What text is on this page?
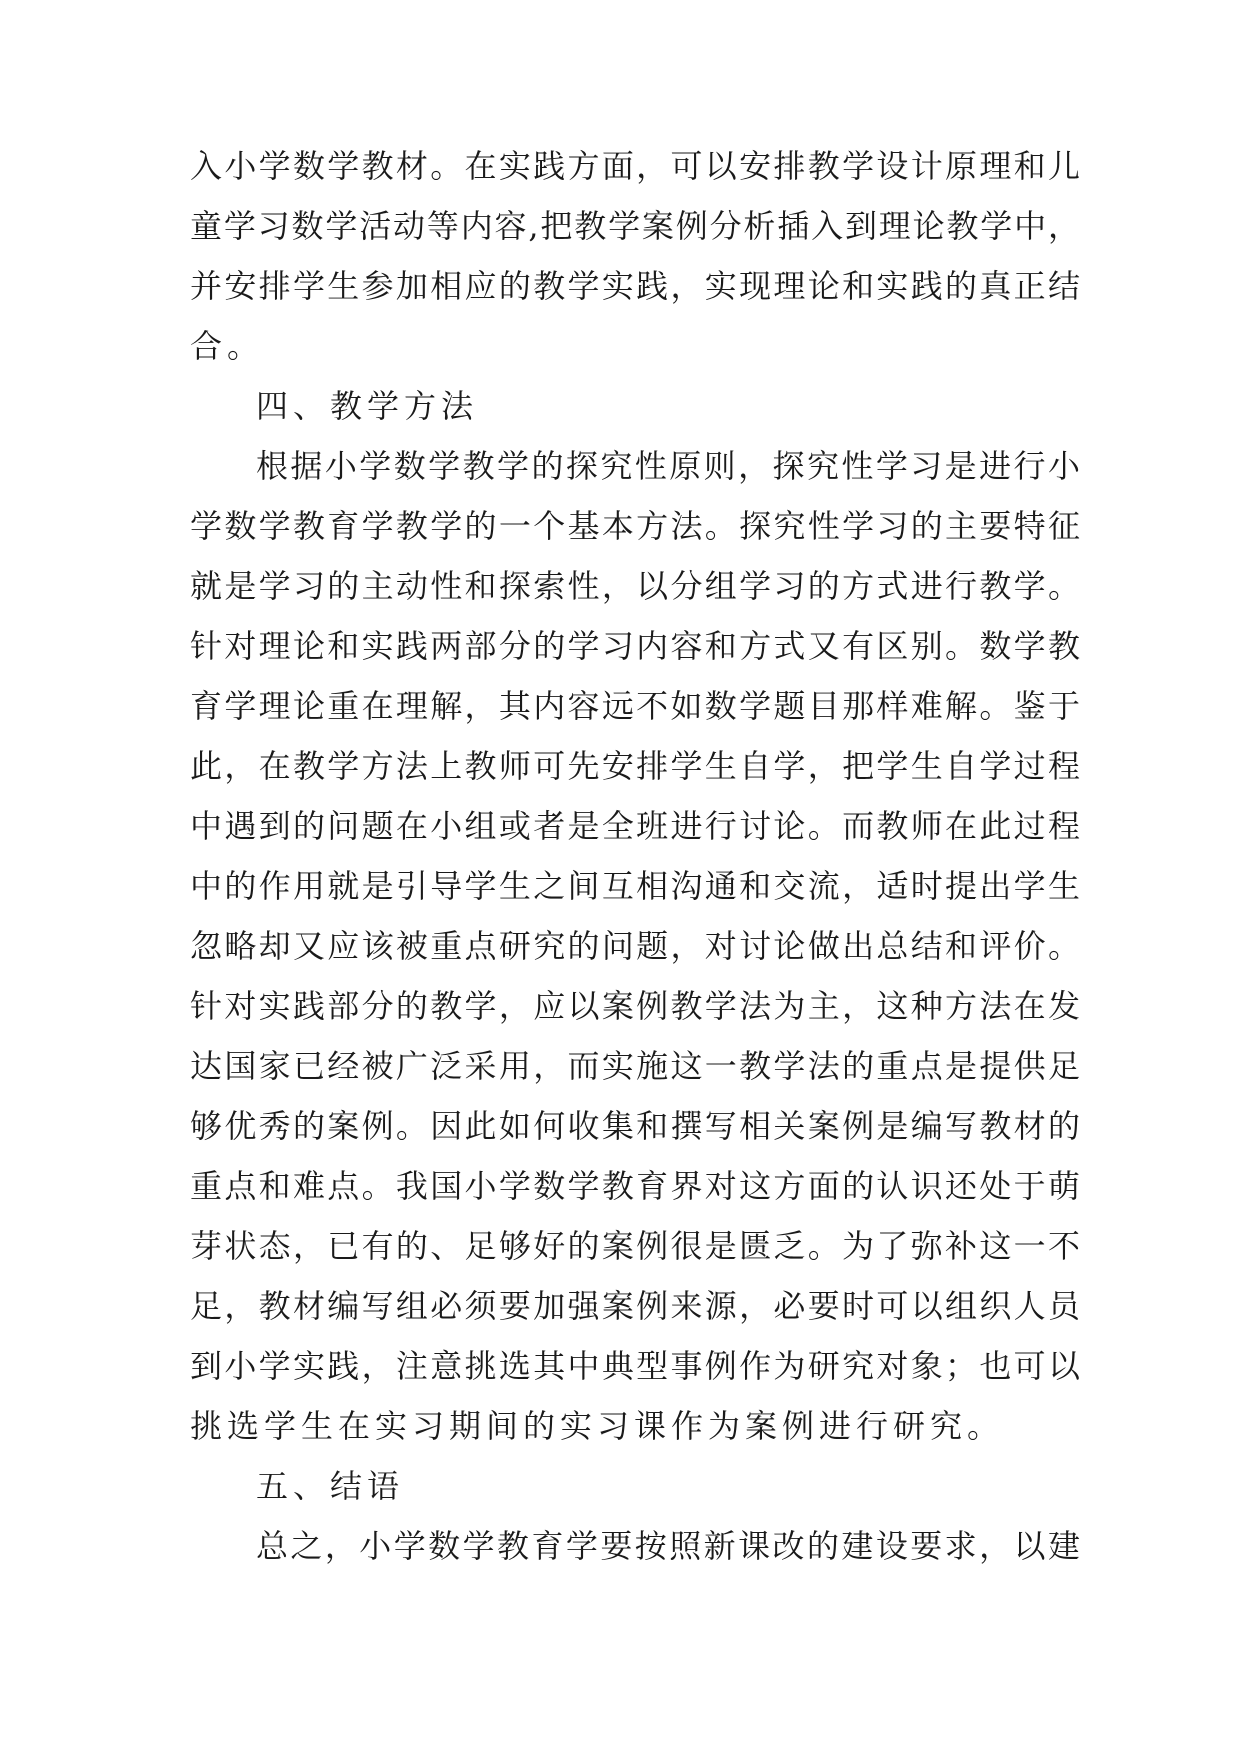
入小学数学教材。在实践方面，可以安排教学设计原理和儿
童学习数学活动等内容,把教学案例分析插入到理论教学中，
并安排学生参加相应的教学实践，实现理论和实践的真正结
合。
四、教学方法
根据小学数学教学的探究性原则，探究性学习是进行小
学数学教育学教学的一个基本方法。探究性学习的主要特征
就是学习的主动性和探索性，以分组学习的方式进行教学。
针对理论和实践两部分的学习内容和方式又有区别。数学教
育学理论重在理解，其内容远不如数学题目那样难解。鉴于
此，在教学方法上教师可先安排学生自学，把学生自学过程
中遇到的问题在小组或者是全班进行讨论。而教师在此过程
中的作用就是引导学生之间互相沟通和交流，适时提出学生
忽略却又应该被重点研究的问题，对讨论做出总结和评价。
针对实践部分的教学，应以案例教学法为主，这种方法在发
达国家已经被广泛采用，而实施这一教学法的重点是提供足
够优秀的案例。因此如何收集和撰写相关案例是编写教材的
重点和难点。我国小学数学教育界对这方面的认识还处于萌
芽状态，已有的、足够好的案例很是匮乏。为了弥补这一不
足，教材编写组必须要加强案例来源，必要时可以组织人员
到小学实践，注意挑选其中典型事例作为研究对象；也可以
挑选学生在实习期间的实习课作为案例进行研究。
五、结语
总之，小学数学教育学要按照新课改的建设要求，以建
